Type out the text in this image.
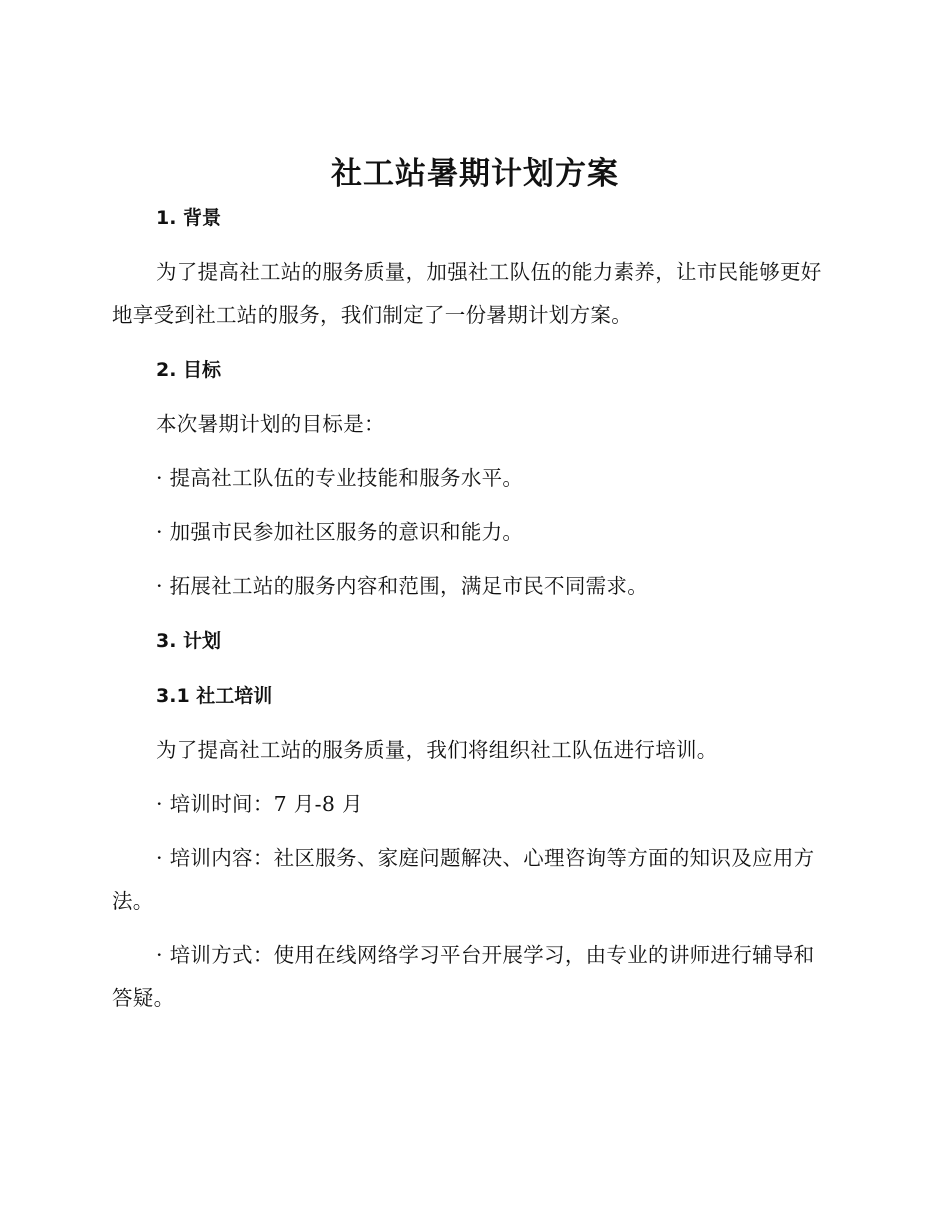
社工站暑期计划方案
1. 背景

为了提高社工站的服务质量，加强社工队伍的能力素养，让市民能够更好地享受到社工站的服务，我们制定了一份暑期计划方案。

2. 目标

本次暑期计划的目标是：

· 提高社工队伍的专业技能和服务水平。

· 加强市民参加社区服务的意识和能力。

· 拓展社工站的服务内容和范围，满足市民不同需求。

3. 计划
3.1 社工培训

为了提高社工站的服务质量，我们将组织社工队伍进行培训。

· 培训时间：7 月-8 月

· 培训内容：社区服务、家庭问题解决、心理咨询等方面的知识及应用方法。

· 培训方式：使用在线网络学习平台开展学习，由专业的讲师进行辅导和答疑。
